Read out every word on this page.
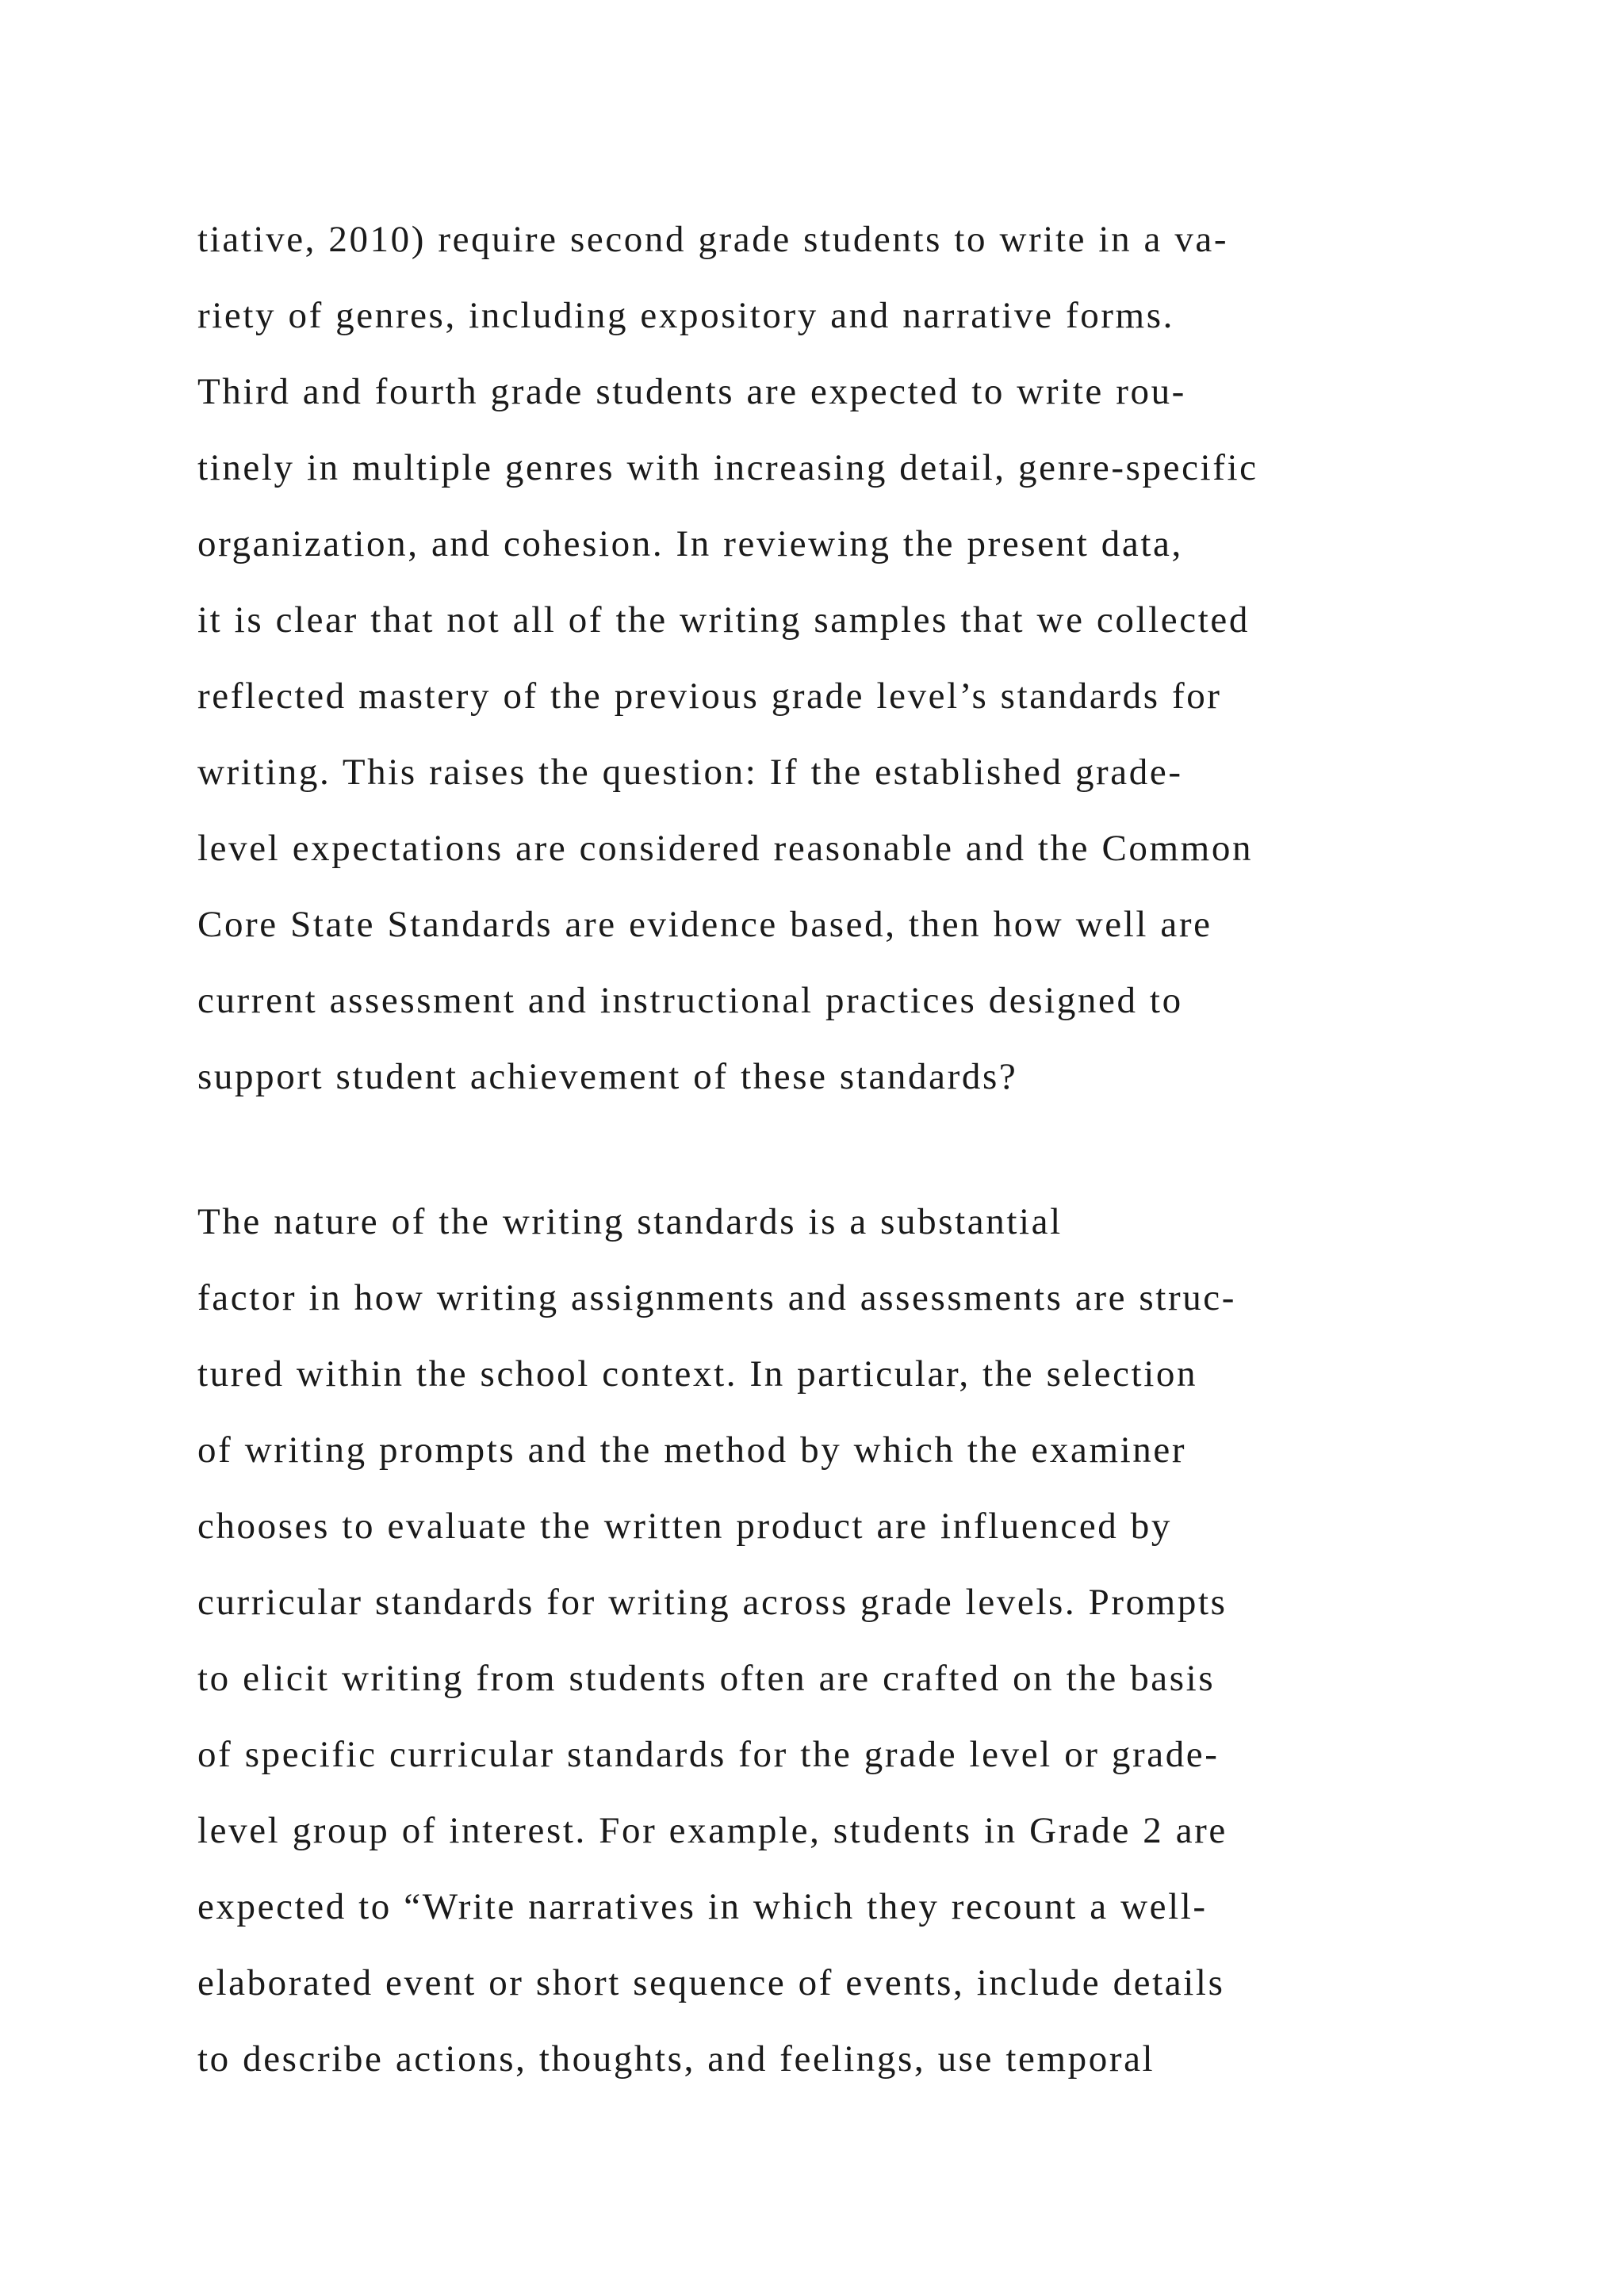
tiative, 2010) require second grade students to write in a va-
riety of genres, including expository and narrative forms.
Third and fourth grade students are expected to write rou-
tinely in multiple genres with increasing detail, genre-specific
organization, and cohesion. In reviewing the present data,
it is clear that not all of the writing samples that we collected
reflected mastery of the previous grade level’s standards for
writing. This raises the question: If the established grade-
level expectations are considered reasonable and the Common
Core State Standards are evidence based, then how well are
current assessment and instructional practices designed to
support student achievement of these standards?
The nature of the writing standards is a substantial
factor in how writing assignments and assessments are struc-
tured within the school context. In particular, the selection
of writing prompts and the method by which the examiner
chooses to evaluate the written product are influenced by
curricular standards for writing across grade levels. Prompts
to elicit writing from students often are crafted on the basis
of specific curricular standards for the grade level or grade-
level group of interest. For example, students in Grade 2 are
expected to “Write narratives in which they recount a well-
elaborated event or short sequence of events, include details
to describe actions, thoughts, and feelings, use temporal
